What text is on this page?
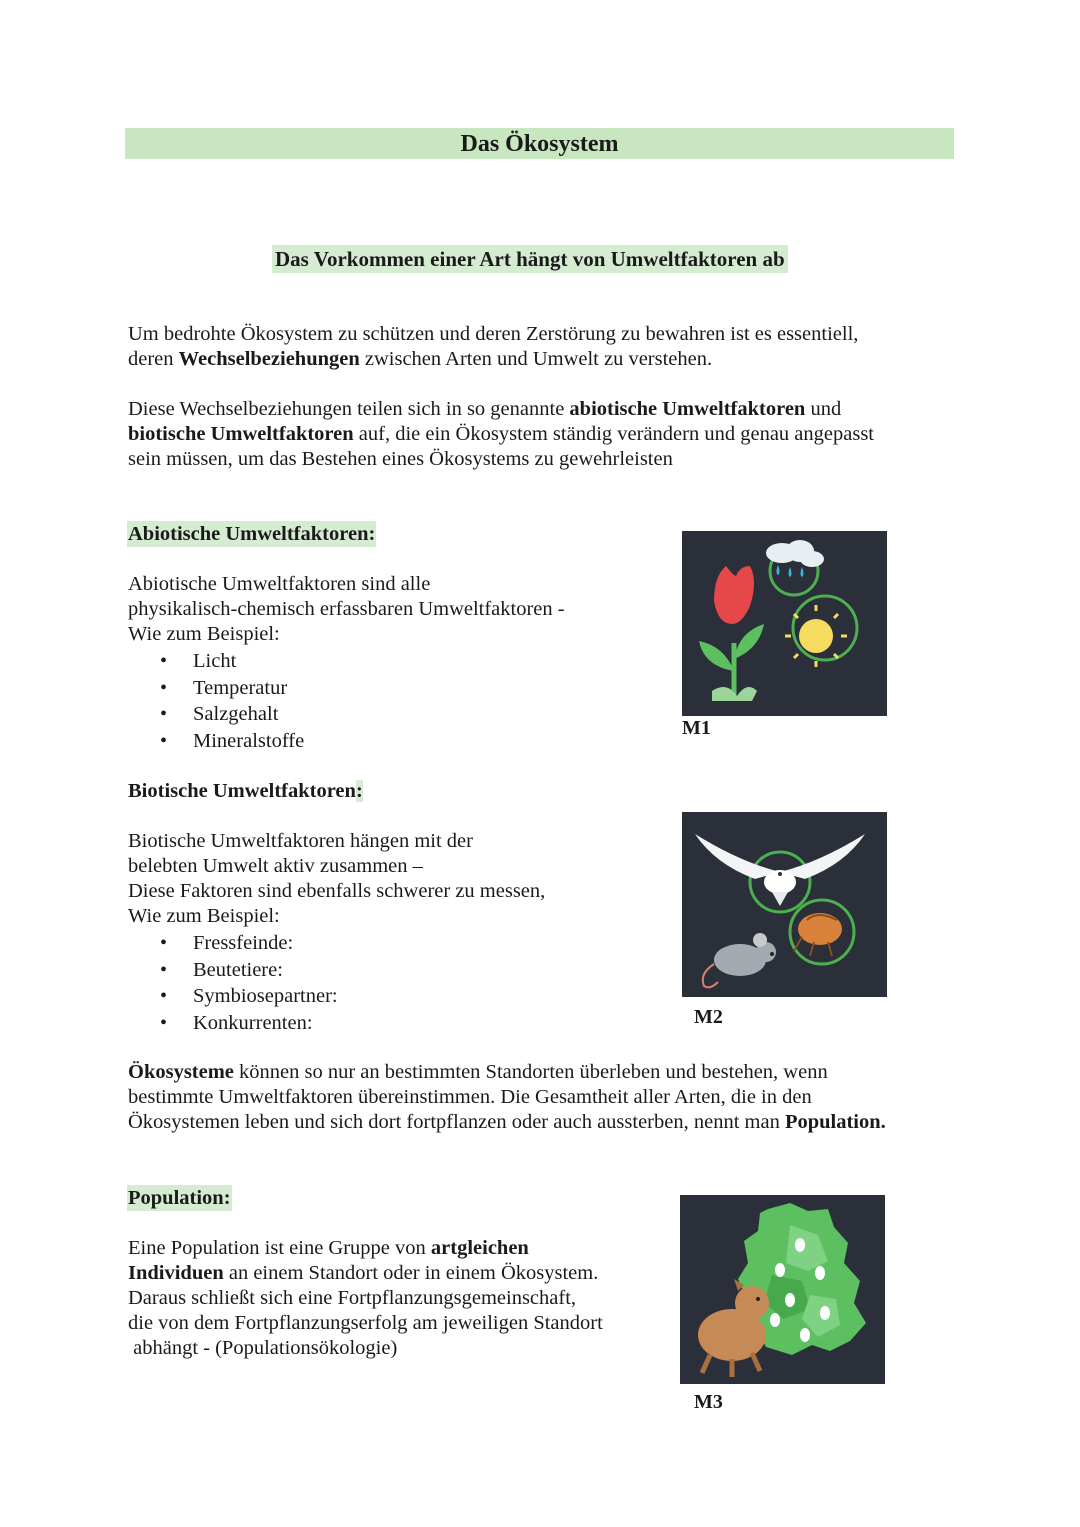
Das Ökosystem
Das Vorkommen einer Art hängt von Umweltfaktoren ab

Um bedrohte Ökosystem zu schützen und deren Zerstörung zu bewahren ist es essentiell,
deren Wechselbeziehungen zwischen Arten und Umwelt zu verstehen.

Diese Wechselbeziehungen teilen sich in so genannte abiotische Umweltfaktoren und
biotische Umweltfaktoren auf, die ein Ökosystem ständig verändern und genau angepasst
sein müssen, um das Bestehen eines Ökosystems zu gewehrleisten

Abiotische Umweltfaktoren:

Abiotische Umweltfaktoren sind alle
physikalisch-chemisch erfassbaren Umweltfaktoren -
Wie zum Beispiel:

• Licht
• Temperatur
• Salzgehalt
• Mineralstoffe
M1
Biotische Umweltfaktoren:

Biotische Umweltfaktoren hängen mit der
belebten Umwelt aktiv zusammen –
Diese Faktoren sind ebenfalls schwerer zu messen,
Wie zum Beispiel:

• Fressfeinde:
• Beutetiere:
• Symbiosepartner:
• Konkurrenten:	M2

Ökosysteme können so nur an bestimmten Standorten überleben und bestehen, wenn
bestimmte Umweltfaktoren übereinstimmen. Die Gesamtheit aller Arten, die in den
Ökosystemen leben und sich dort fortpflanzen oder auch aussterben, nennt man Population.

Population:

Eine Population ist eine Gruppe von artgleichen
Individuen an einem Standort oder in einem Ökosystem.
Daraus schließt sich eine Fortpflanzungsgemeinschaft,
die von dem Fortpflanzungserfolg am jeweiligen Standort
abhängt - (Populationsökologie)

M3
